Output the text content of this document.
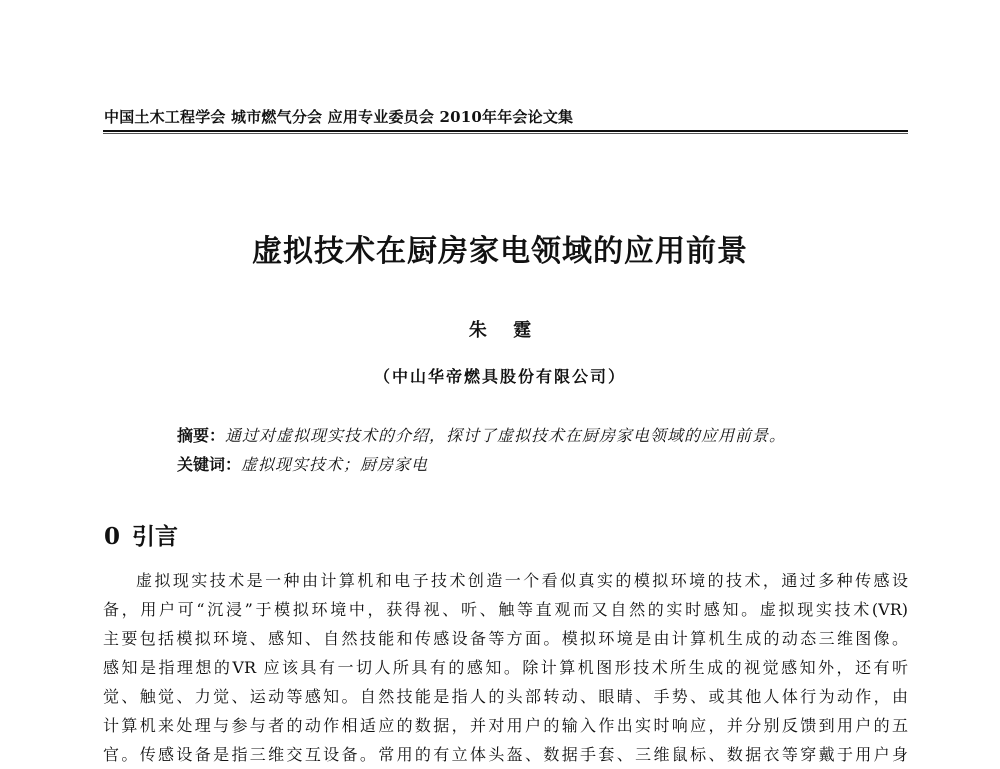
中国土木工程学会 城市燃气分会 应用专业委员会 2010年年会论文集
虚拟技术在厨房家电领域的应用前景
朱 霆
（中山华帝燃具股份有限公司）
摘要：通过对虚拟现实技术的介绍，探讨了虚拟技术在厨房家电领域的应用前景。
关键词：虚拟现实技术；厨房家电
0 引言
虚拟现实技术是一种由计算机和电子技术创造一个看似真实的模拟环境的技术，通过多种传感设
备，用户可“沉浸”于模拟环境中，获得视、听、触等直观而又自然的实时感知。虚拟现实技术(VR)
主要包括模拟环境、感知、自然技能和传感设备等方面。模拟环境是由计算机生成的动态三维图像。
感知是指理想的VR 应该具有一切人所具有的感知。除计算机图形技术所生成的视觉感知外，还有听
觉、触觉、力觉、运动等感知。自然技能是指人的头部转动、眼睛、手势、或其他人体行为动作，由
计算机来处理与参与者的动作相适应的数据，并对用户的输入作出实时响应，并分别反馈到用户的五
官。传感设备是指三维交互设备。常用的有立体头盔、数据手套、三维鼠标、数据衣等穿戴于用户身
